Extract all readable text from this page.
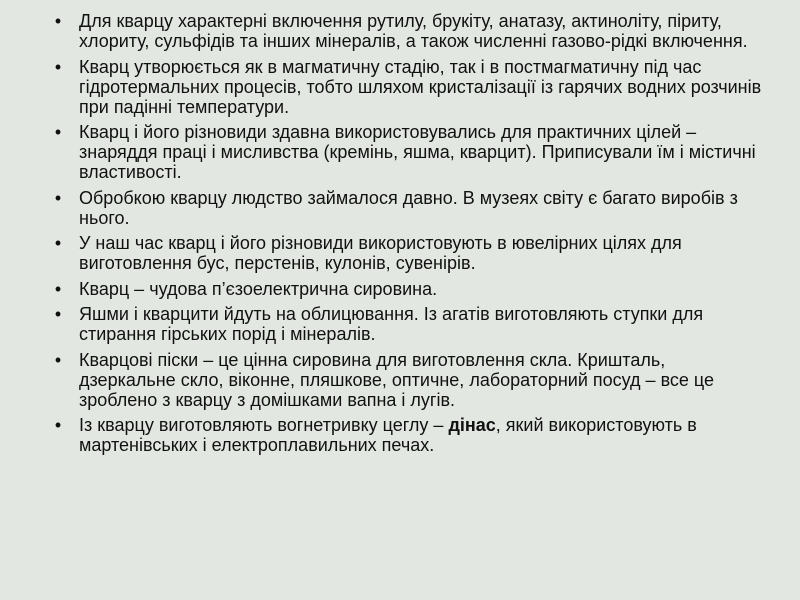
• Для кварцу характерні включення рутилу, брукіту, анатазу, актиноліту, піриту, хлориту, сульфідів та інших мінералів, а також численні газово-рідкі включення.
• Кварц утворюється як в магматичну стадію, так і в постмагматичну під час гідротермальних процесів, тобто шляхом кристалізації із гарячих водних розчинів при падінні температури.
• Кварц і його різновиди здавна використовувались для практичних цілей – знаряддя праці і мисливства (кремінь, яшма, кварцит). Приписували їм і містичні властивості.
• Обробкою кварцу людство займалося давно. В музеях світу є багато виробів з нього.
• У наш час кварц і його різновиди використовують в ювелірних цілях для виготовлення бус, перстенів, кулонів, сувенірів.
• Кварц – чудова п’єзоелектрична сировина.
• Яшми і кварцити йдуть на облицювання. Із агатів виготовляють ступки для стирання гірських порід і мінералів.
• Кварцові піски – це цінна сировина для виготовлення скла. Кришталь, дзеркальне скло, віконне, пляшкове, оптичне, лабораторний посуд – все це зроблено з кварцу з домішками вапна і лугів.
• Із кварцу виготовляють вогнетривку цеглу – дінас, який використовують в мартенівських і електроплавильних печах.
